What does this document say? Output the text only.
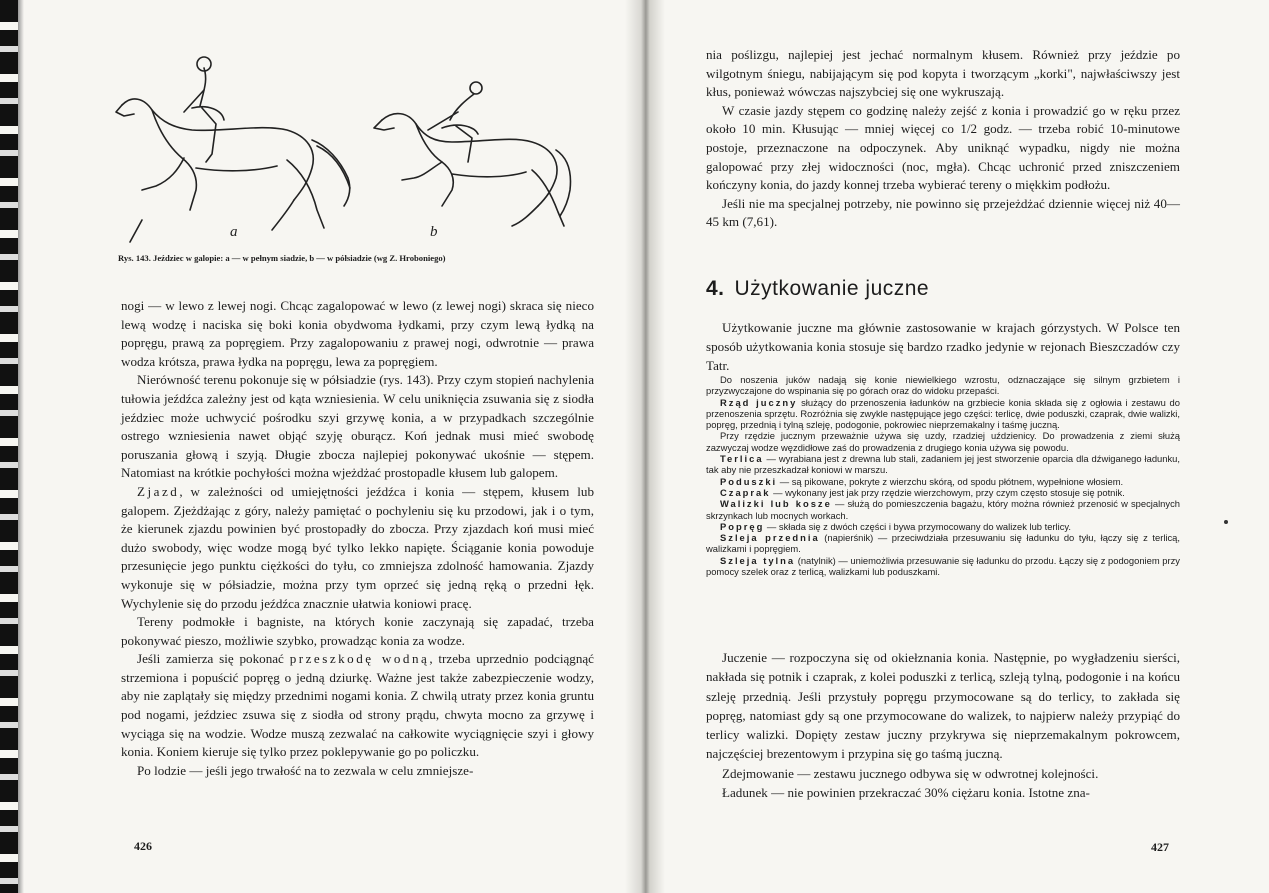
a	b
Rys. 143. Jeździec w galopie: a — w pełnym siadzie, b — w półsiadzie (wg Z. Hroboniego)

nogi — w lewo z lewej nogi. Chcąc zagalopować w lewo (z lewej nogi) skraca się nieco lewą wodzę i naciska się boki konia obydwoma łydkami, przy czym lewą łydką na popręgu, prawą za popręgiem. Przy zagalopowaniu z prawej nogi, odwrotnie — prawa wodza krótsza, prawa łydka na popręgu, lewa za popręgiem.

Nierówność terenu pokonuje się w półsiadzie (rys. 143). Przy czym stopień nachylenia tułowia jeźdźca zależny jest od kąta wzniesienia. W celu uniknięcia zsuwania się z siodła jeździec może uchwycić pośrodku szyi grzywę konia, a w przypadkach szczególnie ostrego wzniesienia nawet objąć szyję oburącz. Koń jednak musi mieć swobodę poruszania głową i szyją. Długie zbocza najlepiej pokonywać ukośnie — stępem. Natomiast na krótkie pochyłości można wjeżdżać prostopadle kłusem lub galopem.

Zjazd, w zależności od umiejętności jeźdźca i konia — stępem, kłusem lub galopem. Zjeżdżając z góry, należy pamiętać o pochyleniu się ku przodowi, jak i o tym, że kierunek zjazdu powinien być prostopadły do zbocza. Przy zjazdach koń musi mieć dużo swobody, więc wodze mogą być tylko lekko napięte. Ściąganie konia powoduje przesunięcie jego punktu ciężkości do tyłu, co zmniejsza zdolność hamowania. Zjazdy wykonuje się w półsiadzie, można przy tym oprzeć się jedną ręką o przedni łęk. Wychylenie się do przodu jeźdźca znacznie ułatwia koniowi pracę.

Tereny podmokłe i bagniste, na których konie zaczynają się zapadać, trzeba pokonywać pieszo, możliwie szybko, prowadząc konia za wodze.

Jeśli zamierza się pokonać przeszkodę wodną, trzeba uprzednio podciągnąć strzemiona i popuścić popręg o jedną dziurkę. Ważne jest także zabezpieczenie wodzy, aby nie zaplątały się między przednimi nogami konia. Z chwilą utraty przez konia gruntu pod nogami, jeździec zsuwa się z siodła od strony prądu, chwyta mocno za grzywę i wyciąga się na wodzie. Wodze muszą zezwalać na całkowite wyciągnięcie szyi i głowy konia. Koniem kieruje się tylko przez poklepywanie go po policzku.

Po lodzie — jeśli jego trwałość na to zezwala w celu zmniejsze-

426

nia poślizgu, najlepiej jest jechać normalnym kłusem. Również przy jeździe po wilgotnym śniegu, nabijającym się pod kopyta i tworzącym „korki", najwłaściwszy jest kłus, ponieważ wówczas najszybciej się one wykruszają.

W czasie jazdy stępem co godzinę należy zejść z konia i prowadzić go w ręku przez około 10 min. Kłusując — mniej więcej co 1/2 godz. — trzeba robić 10-minutowe postoje, przeznaczone na odpoczynek. Aby uniknąć wypadku, nigdy nie można galopować przy złej widoczności (noc, mgła). Chcąc uchronić przed zniszczeniem kończyny konia, do jazdy konnej trzeba wybierać tereny o miękkim podłożu.

Jeśli nie ma specjalnej potrzeby, nie powinno się przejeżdżać dziennie więcej niż 40—45 km (7,61).

4. Użytkowanie juczne

Użytkowanie juczne ma głównie zastosowanie w krajach górzystych. W Polsce ten sposób użytkowania konia stosuje się bardzo rzadko jedynie w rejonach Bieszczadów czy Tatr.

Do noszenia juków nadają się konie niewielkiego wzrostu, odznaczające się silnym grzbietem i przyzwyczajone do wspinania się po górach oraz do widoku przepaści.

Rząd juczny służący do przenoszenia ładunków na grzbiecie konia składa się z ogłowia i zestawu do przenoszenia sprzętu. Rozróżnia się zwykle następujące jego części: terlicę, dwie poduszki, czaprak, dwie walizki, popręg, przednią i tylną szleję, podogonie, pokrowiec nieprzemakalny i taśmę juczną.

Przy rzędzie jucznym przeważnie używa się uzdy, rzadziej uździenicy. Do prowadzenia z ziemi służą zazwyczaj wodze węzdidłowe zaś do prowadzenia z drugiego konia używa się powodu.

Terlica — wyrabiana jest z drewna lub stali, zadaniem jej jest stworzenie oparcia dla dźwiganego ładunku, tak aby nie przeszkadzał koniowi w marszu.

Poduszki — są pikowane, pokryte z wierzchu skórą, od spodu płótnem, wypełnione włosiem.

Czaprak — wykonany jest jak przy rzędzie wierzchowym, przy czym często stosuje się potnik.

Walizki lub kosze — służą do pomieszczenia bagażu, który można również przenosić w specjalnych skrzynkach lub mocnych workach.

Popręg — składa się z dwóch części i bywa przymocowany do walizek lub terlicy.

Szleja przednia (napierśnik) — przeciwdziała przesuwaniu się ładunku do tyłu, łączy się z terlicą, walizkami i popręgiem.

Szleja tylna (natylnik) — uniemożliwia przesuwanie się ładunku do przodu. Łączy się z podogoniem przy pomocy szelek oraz z terlicą, walizkami lub poduszkami.

Juczenie — rozpoczyna się od okiełznania konia. Następnie, po wygładzeniu sierści, nakłada się potnik i czaprak, z kolei poduszki z terlicą, szleją tylną, podogonie i na końcu szleję przednią. Jeśli przystuły popręgu przymocowane są do terlicy, to zakłada się popręg, natomiast gdy są one przymocowane do walizek, to najpierw należy przypiąć do terlicy walizki. Dopięty zestaw juczny przykrywa się nieprzemakalnym pokrowcem, najczęściej brezentowym i przypina się go taśmą juczną.

Zdejmowanie — zestawu jucznego odbywa się w odwrotnej kolejności.

Ładunek — nie powinien przekraczać 30% ciężaru konia. Istotne zna-

427
